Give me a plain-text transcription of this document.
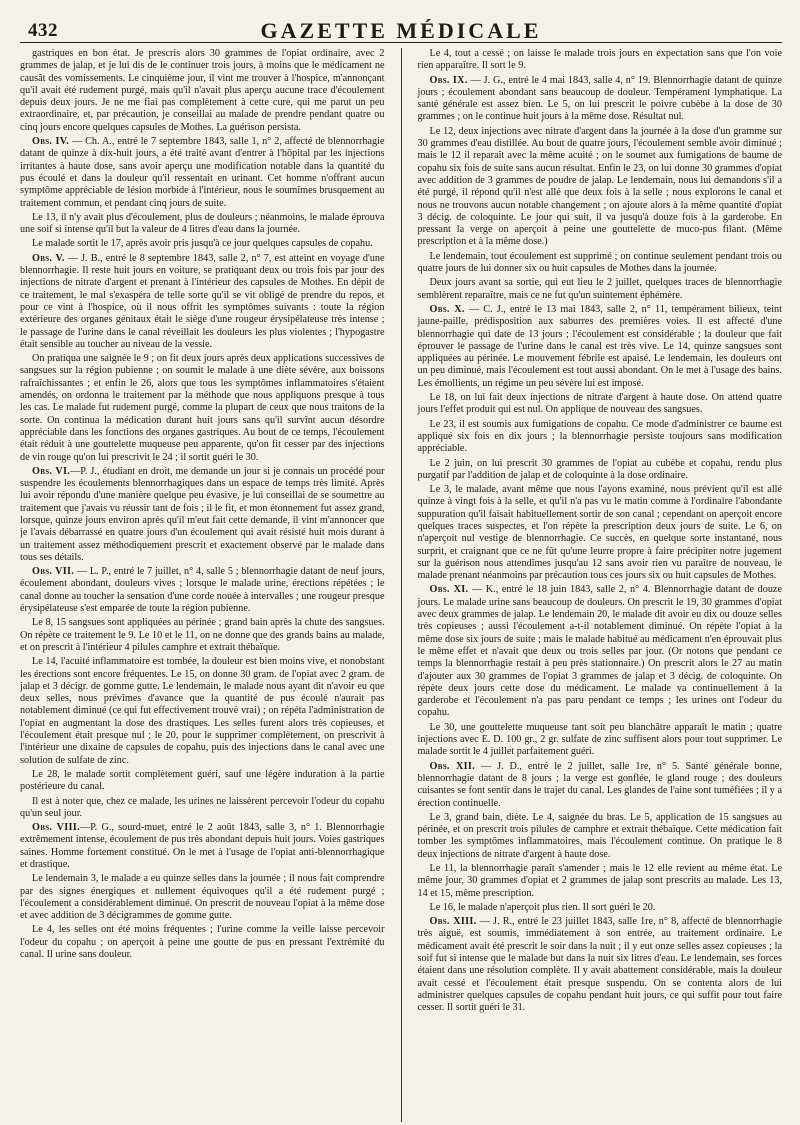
432	GAZETTE MÉDICALE

gastriques en bon état. Je prescris alors 30 grammes de l'opiat ordinaire, avec 2 grammes de jalap, et je lui dis de le continuer trois jours, à moins que le médicament ne causât des vomissements. Le cinquième jour, il vint me trouver à l'hospice, m'annonçant qu'il avait été rudement purgé, mais qu'il n'avait plus aperçu aucune trace d'écoulement depuis deux jours. Je ne me fiai pas complètement à cette cure, qui me parut un peu extraordinaire, et, par précaution, je conseillai au malade de prendre pendant quatre ou cinq jours encore quelques capsules de Mothes. La guérison persista.

Obs. IV. — Ch. A., entré le 7 septembre 1843, salle 1, n° 2, affecté de blennorrhagie datant de quinze à dix-huit jours, a été traité avant d'entrer à l'hôpital par les injections irritantes à haute dose, sans avoir aperçu une modification notable dans la quantité du pus écoulé et dans la douleur qu'il ressentait en urinant. Cet homme n'offrant aucun symptôme appréciable de lésion morbide à l'intérieur, nous le soumîmes brusquement au traitement commun, et pendant cinq jours de suite.

Le 13, il n'y avait plus d'écoulement, plus de douleurs ; néanmoins, le malade éprouva une soif si intense qu'il but la valeur de 4 litres d'eau dans la journée.

Le malade sortit le 17, après avoir pris jusqu'à ce jour quelques capsules de copahu.

Obs. V. — J. B., entré le 8 septembre 1843, salle 2, n° 7, est atteint en voyage d'une blennorrhagie. Il reste huit jours en voiture, se pratiquant deux ou trois fois par jour des injections de nitrate d'argent et prenant à l'intérieur des capsules de Mothes. En dépit de ce traitement, le mal s'exaspéra de telle sorte qu'il se vit obligé de prendre du repos, et pour ce vint à l'hospice, où il nous offrit les symptômes suivants : toute la région extérieure des organes génitaux était le siège d'une rougeur érysipélateuse très intense ; le passage de l'urine dans le canal réveillait les douleurs les plus violentes ; l'hypogastre était sensible au toucher au niveau de la vessie.

On pratiqua une saignée le 9 ; on fit deux jours après deux applications successives de sangsues sur la région pubienne ; on soumit le malade à une diète sévère, aux boissons rafraîchissantes ; et enfin le 26, alors que tous les symptômes inflammatoires s'étaient amendés, on ordonna le traitement par la méthode que nous appliquons presque à tous les cas. Le malade fut rudement purgé, comme la plupart de ceux que nous traitons de la sorte. On continua la médication durant huit jours sans qu'il survînt aucun désordre appréciable dans les fonctions des organes gastriques. Au bout de ce temps, l'écoulement était réduit à une gouttelette muqueuse peu apparente, qu'on fit cesser par des injections de vin rouge qu'on lui prescrivit le 24 ; il sortit guéri le 30.

Obs. VI.—P. J., étudiant en droit, me demande un jour si je connais un procédé pour suspendre les écoulements blennorrhagiques dans un espace de temps très limité. Après lui avoir répondu d'une manière quelque peu évasive, je lui conseillai de se soumettre au traitement que j'avais vu réussir tant de fois ; il le fit, et mon étonnement fut assez grand, lorsque, quinze jours environ après qu'il m'eut fait cette demande, il vint m'annoncer que je l'avais débarrassé en quatre jours d'un écoulement qui avait résisté huit mois durant à un traitement assez méthodiquement prescrit et exactement observé par le malade dans tous ses détails.

Obs. VII. — L. P., entré le 7 juillet, n° 4, salle 5 ; blennorrhagie datant de neuf jours, écoulement abondant, douleurs vives ; lorsque le malade urine, érections répétées ; le canal donne au toucher la sensation d'une corde nouée à intervalles ; une rougeur presque érysipélateuse s'est emparée de toute la région pubienne.

Le 8, 15 sangsues sont appliquées au périnée ; grand bain après la chute des sangsues. On répète ce traitement le 9. Le 10 et le 11, on ne donne que des grands bains au malade, et on prescrit à l'intérieur 4 pilules camphre et extrait thébaïque.

Le 14, l'acuité inflammatoire est tombée, la douleur est bien moins vive, et nonobstant les érections sont encore fréquentes. Le 15, on donne 30 gram. de l'opiat avec 2 gram. de jalap et 3 décigr. de gomme gutte. Le lendemain, le malade nous ayant dit n'avoir eu que deux selles, nous prévîmes d'avance que la quantité de pus écoulé n'aurait pas notablement diminué (ce qui fut effectivement trouvé vrai) ; on répéta l'administration de l'opiat en augmentant la dose des drastiques. Les selles furent alors très copieuses, et l'écoulement était presque nul ; le 20, pour le supprimer complètement, on prescrivit à l'intérieur une dixaine de capsules de copahu, puis des injections dans le canal avec une solution de sulfate de zinc.

Le 28, le malade sortit complètement guéri, sauf une légère induration à la partie postérieure du canal.

Il est à noter que, chez ce malade, les urines ne laissèrent percevoir l'odeur du copahu qu'un seul jour.

Obs. VIII.—P. G., sourd-muet, entré le 2 août 1843, salle 3, n° 1. Blennorrhagie extrêmement intense, écoulement de pus très abondant depuis huit jours. Voies gastriques saines. Homme fortement constitué. On le met à l'usage de l'opiat anti-blennorrhagique et drastique.

Le lendemain 3, le malade a eu quinze selles dans la journée ; il nous fait comprendre par des signes énergiques et nullement équivoques qu'il a été rudement purgé ; l'écoulement a considérablement diminué. On prescrit de nouveau l'opiat à la même dose et avec addition de 3 décigrammes de gomme gutte.

Le 4, les selles ont été moins fréquentes ; l'urine comme la veille laisse percevoir l'odeur du copahu ; on aperçoit à peine une goutte de pus en pressant l'extrémité du canal. Il urine sans douleur.

Le 4, tout a cessé ; on laisse le malade trois jours en expectation sans que l'on voie rien apparaître. Il sort le 9.

Obs. IX. — J. G., entré le 4 mai 1843, salle 4, n° 19. Blennorrhagie datant de quinze jours ; écoulement abondant sans beaucoup de douleur. Tempérament lymphatique. La santé générale est assez bien. Le 5, on lui prescrit le poivre cubèbe à la dose de 30 grammes ; on le continue huit jours à la même dose. Résultat nul.

Le 12, deux injections avec nitrate d'argent dans la journée à la dose d'un gramme sur 30 grammes d'eau distillée. Au bout de quatre jours, l'écoulement semble avoir diminué ; mais le 12 il reparaît avec la même acuité ; on le soumet aux fumigations de baume de copahu six fois de suite sans aucun résultat. Enfin le 23, on lui donne 30 grammes d'opiat avec addition de 3 grammes de poudre de jalap. Le lendemain, nous lui demandons s'il a été purgé, il répond qu'il n'est allé que deux fois à la selle ; nous explorons le canal et nous ne trouvons aucun notable changement ; on ajoute alors à la même quantité d'opiat 3 décig. de coloquinte. Le jour qui suit, il va jusqu'à douze fois à la garderobe. En pressant la verge on aperçoit à peine une gouttelette de muco-pus filant. (Même prescription et à la même dose.)

Le lendemain, tout écoulement est supprimé ; on continue seulement pendant trois ou quatre jours de lui donner six ou huit capsules de Mothes dans la journée.

Deux jours avant sa sortie, qui eut lieu le 2 juillet, quelques traces de blennorrhagie semblèrent reparaître, mais ce ne fut qu'un suintement éphémère.

Obs. X. — C. J., entré le 13 mai 1843, salle 2, n° 11, tempérament bilieux, teint jaune-paille, prédisposition aux saburres des premières voies. Il est affecté d'une blennorrhagie qui date de 13 jours ; l'écoulement est considérable ; la douleur que fait éprouver le passage de l'urine dans le canal est très vive. Le 14, quinze sangsues sont appliquées au périnée. Le mouvement fébrile est apaisé. Le lendemain, les douleurs ont un peu diminué, mais l'écoulement est tout aussi abondant. On le met à l'usage des bains. Les émollients, un régime un peu sévère lui est imposé.

Le 18, on lui fait deux injections de nitrate d'argent à haute dose. On attend quatre jours l'effet produit qui est nul. On applique de nouveau des sangsues.

Le 23, il est soumis aux fumigations de copahu. Ce mode d'administrer ce baume est appliqué six fois en dix jours ; la blennorrhagie persiste toujours sans modification appréciable.

Le 2 juin, on lui prescrit 30 grammes de l'opiat au cubèbe et copahu, rendu plus purgatif par l'addition de jalap et de coloquinte à la dose ordinaire.

Le 3, le malade, avant même que nous l'ayons examiné, nous prévient qu'il est allé quinze à vingt fois à la selle, et qu'il n'a pas vu le matin comme à l'ordinaire l'abondante suppuration qu'il faisait habituellement sortir de son canal ; cependant on aperçoit encore quelques traces suspectes, et l'on répète la prescription deux jours de suite. Le 6, on n'aperçoit nul vestige de blennorrhagie. Ce succès, en quelque sorte instantané, nous surprit, et craignant que ce ne fût qu'une leurre propre à faire précipiter notre jugement sur la guérison nous attendîmes jusqu'au 12 sans avoir rien vu paraître de nouveau, le malade prenant néanmoins par précaution tous ces jours six ou huit capsules de Mothes.

Obs. XI. — K., entré le 18 juin 1843, salle 2, n° 4. Blennorrhagie datant de douze jours. Le malade urine sans beaucoup de douleurs. On prescrit le 19, 30 grammes d'opiat avec deux grammes de jalap. Le lendemain 20, le malade dit avoir eu dix ou douze selles très copieuses ; aussi l'écoulement a-t-il notablement diminué. On répète l'opiat à la même dose six jours de suite ; mais le malade habitué au médicament n'en éprouvait plus le même effet et n'avait que deux ou trois selles par jour. (Or notons que pendant ce temps la blennorrhagie restait à peu près stationnaire.) On prescrit alors le 27 au matin d'ajouter aux 30 grammes de l'opiat 3 grammes de jalap et 3 décig. de coloquinte. On répète deux jours cette dose du médicament. Le malade va continuellement à la garderobe et l'écoulement n'a pas paru pendant ce temps ; les urines ont l'odeur du copahu.

Le 30, une gouttelette muqueuse tant soit peu blanchâtre apparaît le matin ; quatre injections avec E. D. 100 gr., 2 gr. sulfate de zinc suffisent alors pour tout supprimer. Le malade sortit le 4 juillet parfaitement guéri.

Obs. XII. — J. D., entré le 2 juillet, salle 1re, n° 5. Santé générale bonne, blennorrhagie datant de 8 jours ; la verge est gonflée, le gland rouge ; des douleurs cuisantes se font sentir dans le trajet du canal. Les glandes de l'aine sont tuméfiées ; il y a érection continuelle.

Le 3, grand bain, diète. Le 4, saignée du bras. Le 5, application de 15 sangsues au périnée, et on prescrit trois pilules de camphre et extrait thébaïque. Cette médication fait tomber les symptômes inflammatoires, mais l'écoulement continue. On pratique le 8 deux injections de nitrate d'argent à haute dose.

Le 11, la blennorrhagie paraît s'amender ; mais le 12 elle revient au même état. Le même jour, 30 grammes d'opiat et 2 grammes de jalap sont prescrits au malade. Les 13, 14 et 15, même prescription.

Le 16, le malade n'aperçoit plus rien. Il sort guéri le 20.

Obs. XIII. — J. R., entré le 23 juillet 1843, salle 1re, n° 8, affecté de blennorrhagie très aiguë, est soumis, immédiatement à son entrée, au traitement ordinaire. Le médicament avait été prescrit le soir dans la nuit ; il y eut onze selles assez copieuses ; la soif fut si intense que le malade but dans la nuit six litres d'eau. Le lendemain, ses forces étaient dans une résolution complète. Il y avait abattement considérable, mais la douleur avait cessé et l'écoulement était presque suspendu. On se contenta alors de lui administrer quelques capsules de copahu pendant huit jours, ce qui suffit pour tout faire cesser. Il sortit guéri le 31.
